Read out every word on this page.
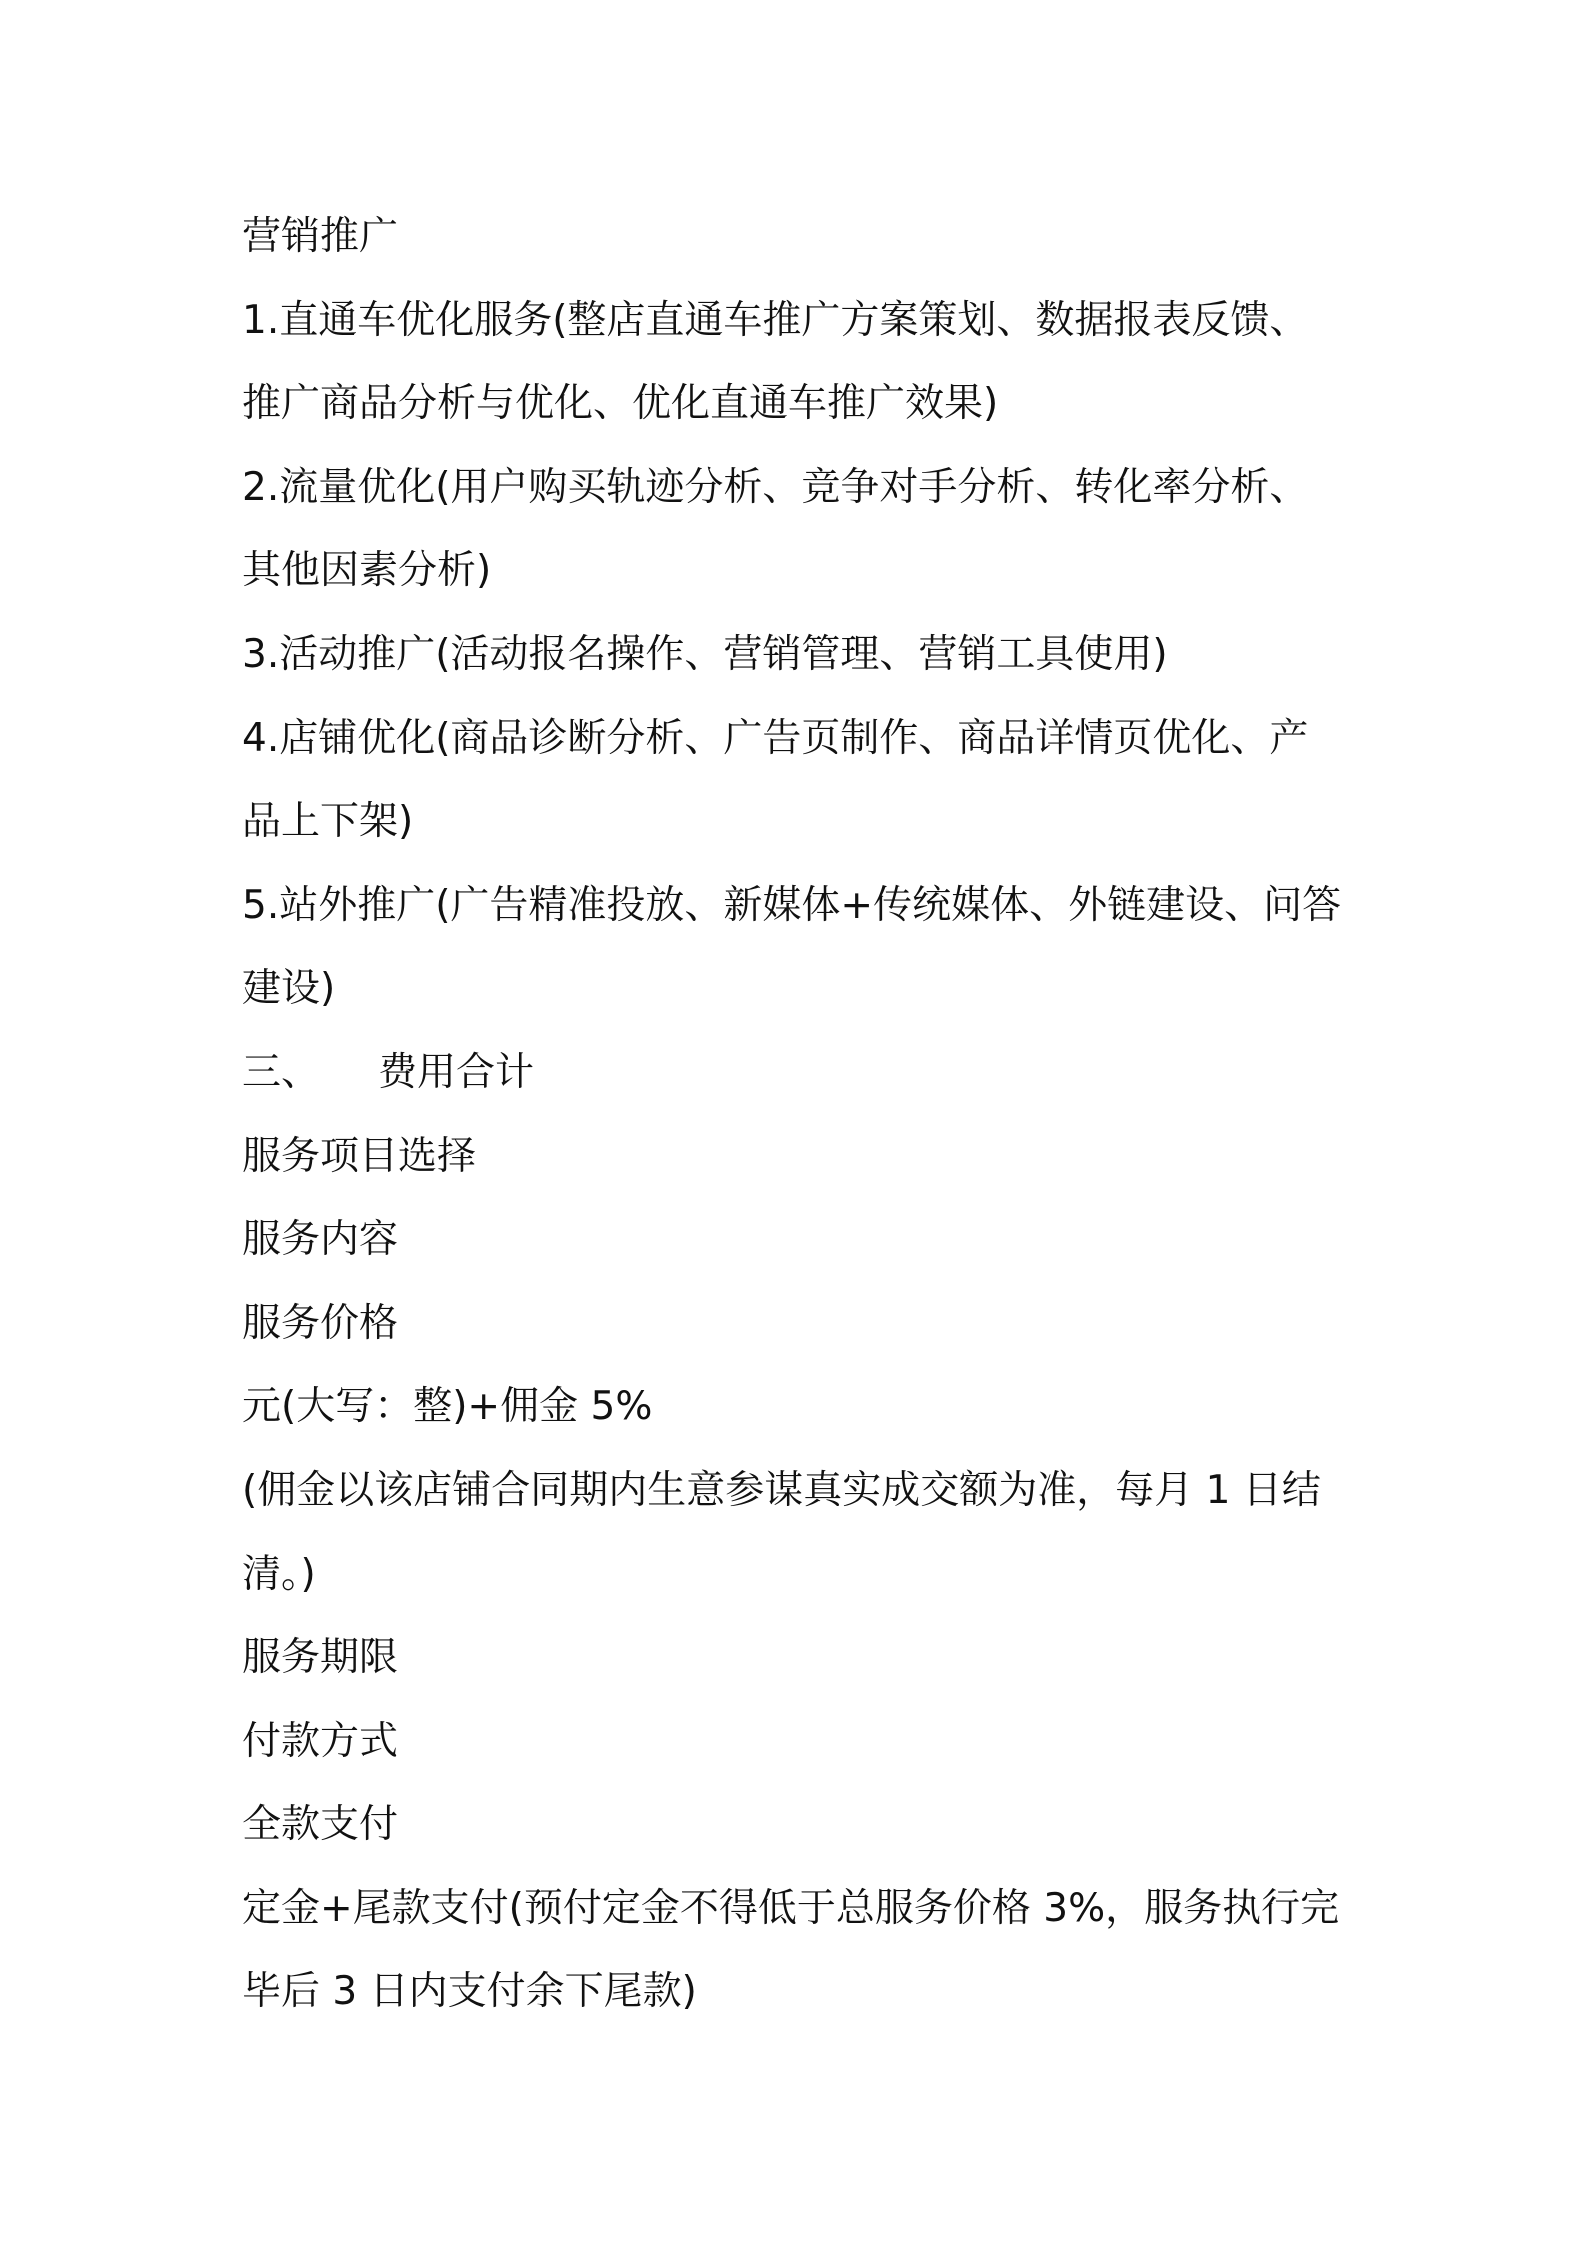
营销推广
1.直通车优化服务(整店直通车推广方案策划、数据报表反馈、
推广商品分析与优化、优化直通车推广效果)
2.流量优化(用户购买轨迹分析、竞争对手分析、转化率分析、
其他因素分析)
3.活动推广(活动报名操作、营销管理、营销工具使用)
4.店铺优化(商品诊断分析、广告页制作、商品详情页优化、产
品上下架)
5.站外推广(广告精准投放、新媒体+传统媒体、外链建设、问答
建设)
三、 费用合计
服务项目选择
服务内容
服务价格
元(大写：整)+佣金 5%
(佣金以该店铺合同期内生意参谋真实成交额为准，每月 1 日结
清。)
服务期限
付款方式
全款支付
定金+尾款支付(预付定金不得低于总服务价格 3%，服务执行完
毕后 3 日内支付余下尾款)
